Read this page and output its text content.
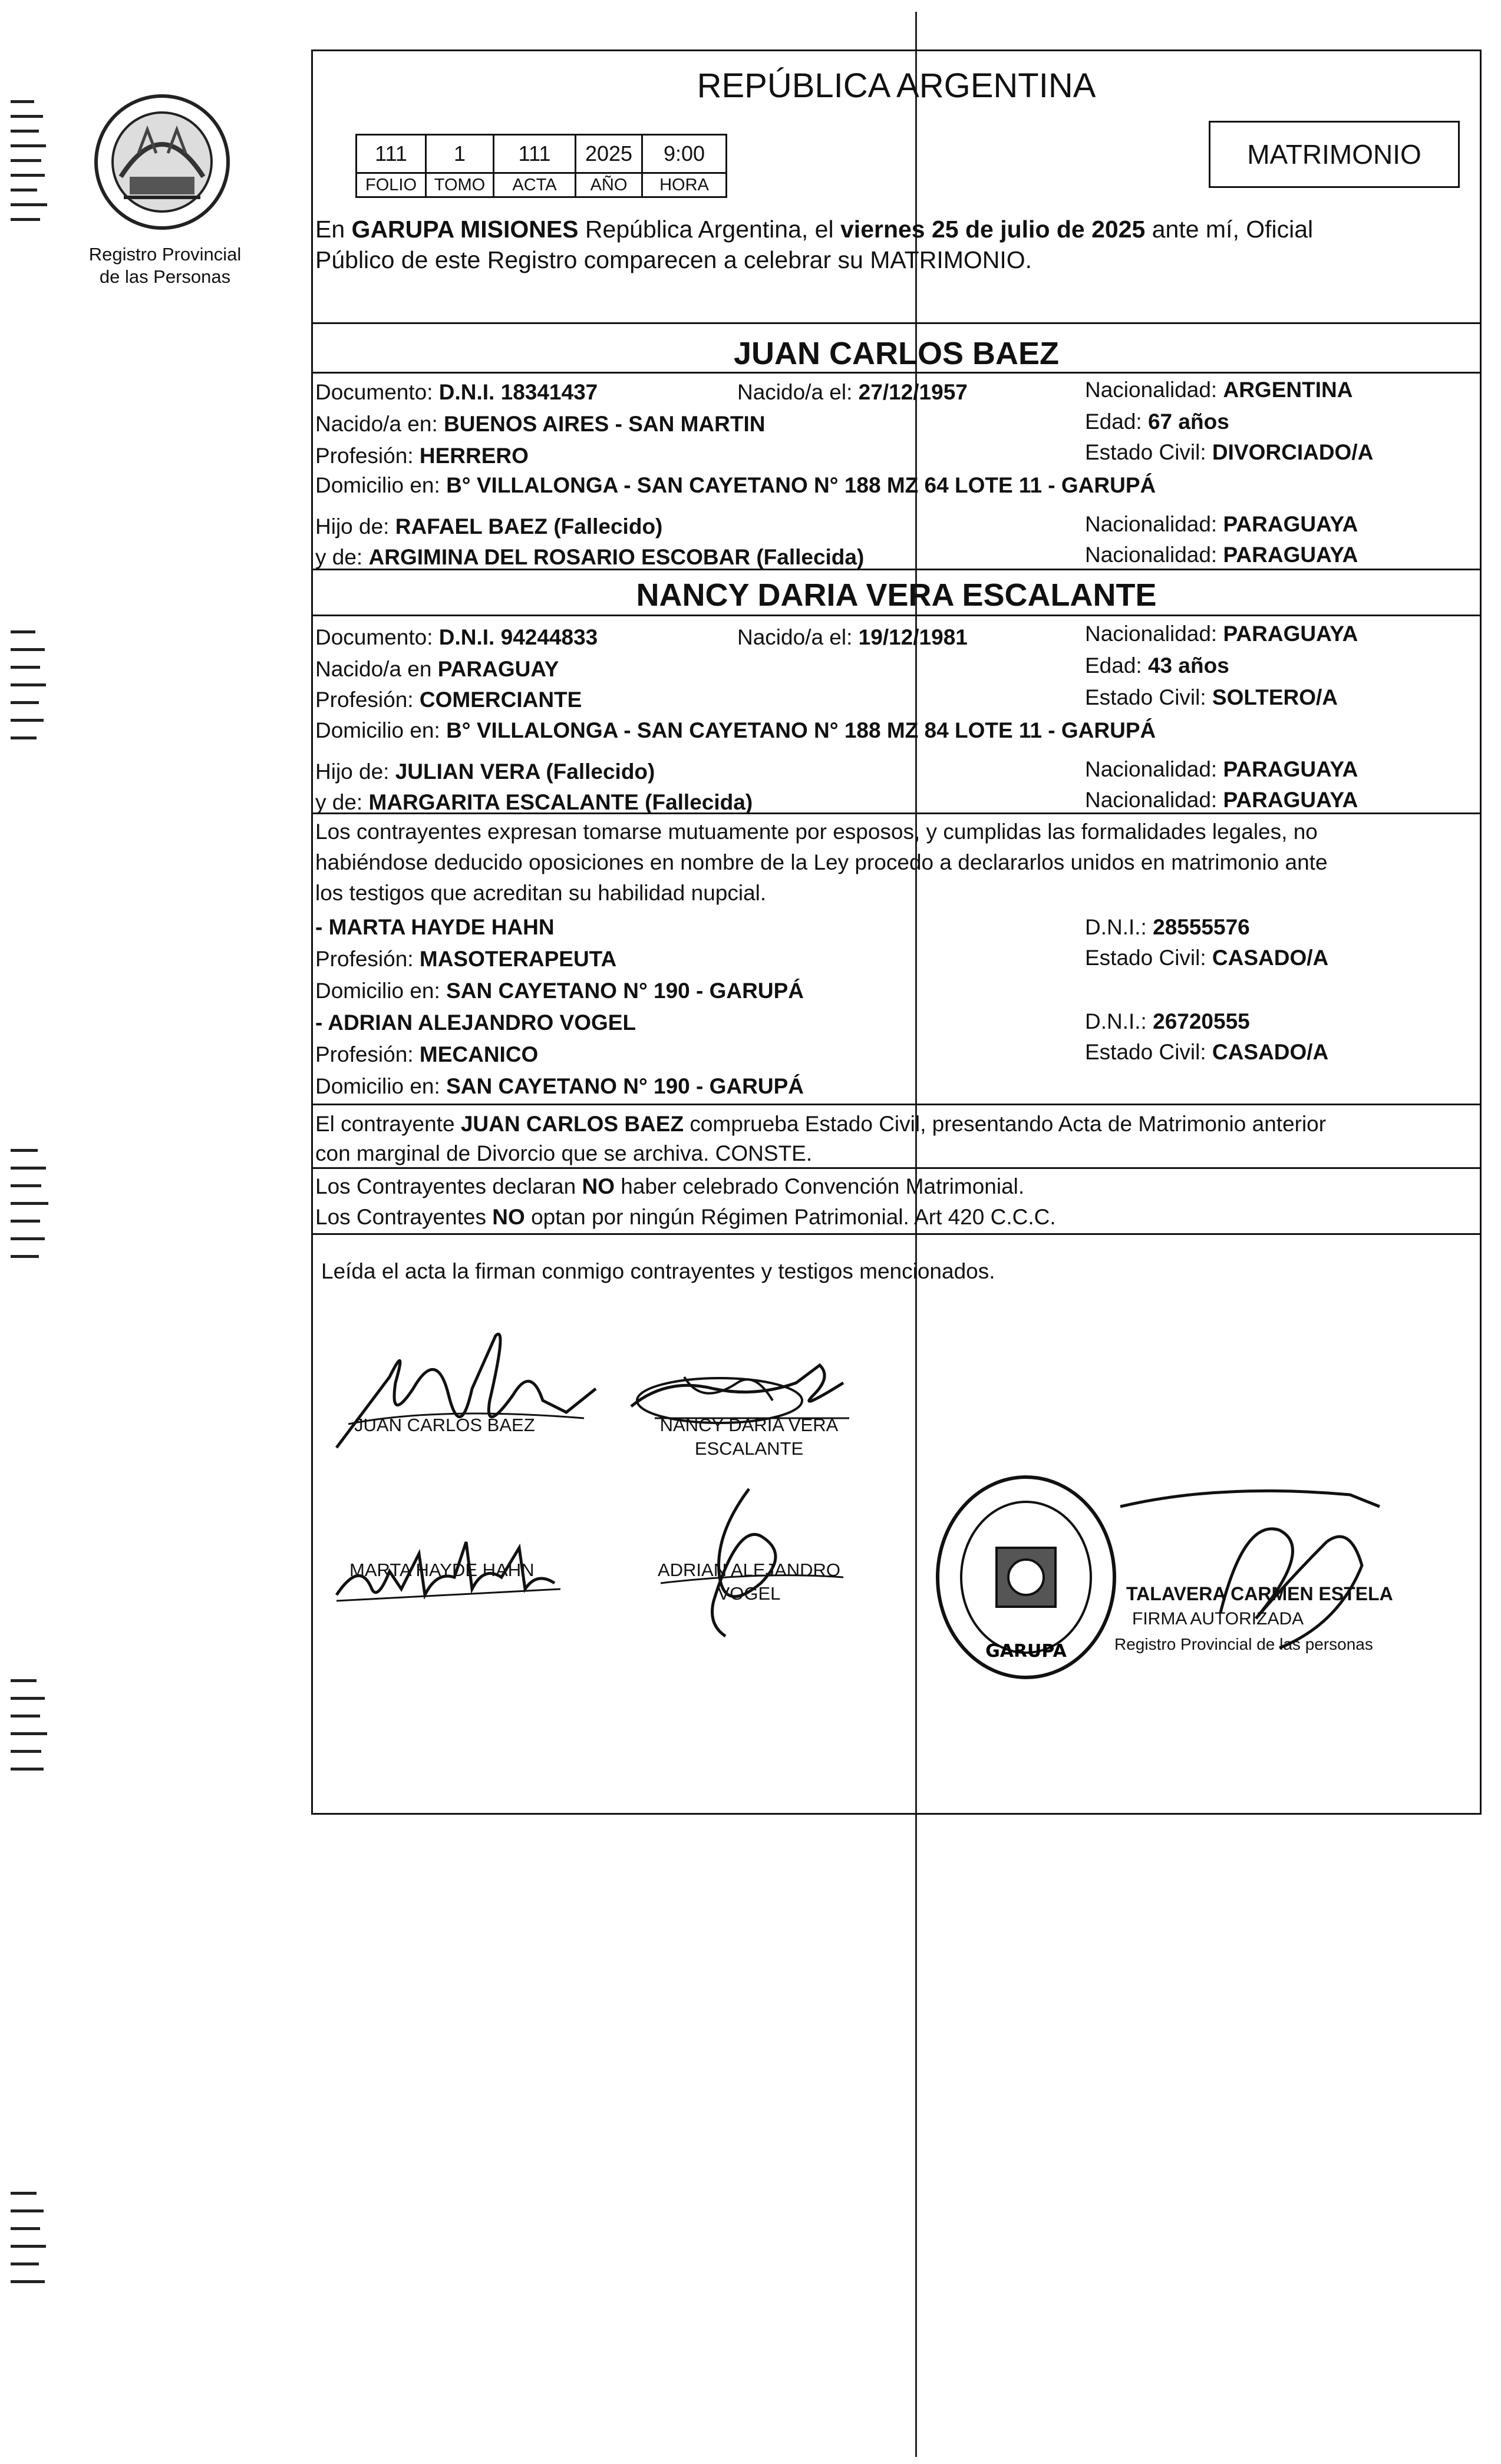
Registro Provincial
de las Personas
REPÚBLICA ARGENTINA
111	1	111	2025	9:00
FOLIO	TOMO	ACTA	AÑO	HORA
MATRIMONIO
En GARUPA MISIONES República Argentina, el viernes 25 de julio de 2025 ante mí, Oficial
Público de este Registro comparecen a celebrar su MATRIMONIO.
JUAN CARLOS BAEZ
Documento: D.N.I. 18341437	Nacido/a el: 27/12/1957	Nacionalidad: ARGENTINA
Nacido/a en: BUENOS AIRES - SAN MARTIN	Edad: 67 años
Profesión: HERRERO	Estado Civil: DIVORCIADO/A
Domicilio en: B° VILLALONGA - SAN CAYETANO N° 188 MZ 64 LOTE 11 - GARUPÁ
Hijo de: RAFAEL BAEZ (Fallecido)	Nacionalidad: PARAGUAYA
y de: ARGIMINA DEL ROSARIO ESCOBAR (Fallecida)	Nacionalidad: PARAGUAYA
NANCY DARIA VERA ESCALANTE
Documento: D.N.I. 94244833	Nacido/a el: 19/12/1981	Nacionalidad: PARAGUAYA
Nacido/a en PARAGUAY	Edad: 43 años
Profesión: COMERCIANTE	Estado Civil: SOLTERO/A
Domicilio en: B° VILLALONGA - SAN CAYETANO N° 188 MZ 84 LOTE 11 - GARUPÁ
Hijo de: JULIAN VERA (Fallecido)	Nacionalidad: PARAGUAYA
y de: MARGARITA ESCALANTE (Fallecida)	Nacionalidad: PARAGUAYA
Los contrayentes expresan tomarse mutuamente por esposos, y cumplidas las formalidades legales, no
habiéndose deducido oposiciones en nombre de la Ley procedo a declararlos unidos en matrimonio ante
los testigos que acreditan su habilidad nupcial.
- MARTA HAYDE HAHN	D.N.I.: 28555576
Profesión: MASOTERAPEUTA	Estado Civil: CASADO/A
Domicilio en: SAN CAYETANO N° 190 - GARUPÁ
- ADRIAN ALEJANDRO VOGEL	D.N.I.: 26720555
Profesión: MECANICO	Estado Civil: CASADO/A
Domicilio en: SAN CAYETANO N° 190 - GARUPÁ
El contrayente JUAN CARLOS BAEZ comprueba Estado Civil, presentando Acta de Matrimonio anterior
con marginal de Divorcio que se archiva. CONSTE.
Los Contrayentes declaran NO haber celebrado Convención Matrimonial.
Los Contrayentes NO optan por ningún Régimen Patrimonial. Art 420 C.C.C.
Leída el acta la firman conmigo contrayentes y testigos mencionados.
JUAN CARLOS BAEZ	NANCY DARIA VERA
ESCALANTE
MARTA HAYDE HAHN	ADRIAN ALEJANDRO
VOGEL
GARUPÁ
TALAVERA CARMEN ESTELA
FIRMA AUTORIZADA
Registro Provincial de las personas
